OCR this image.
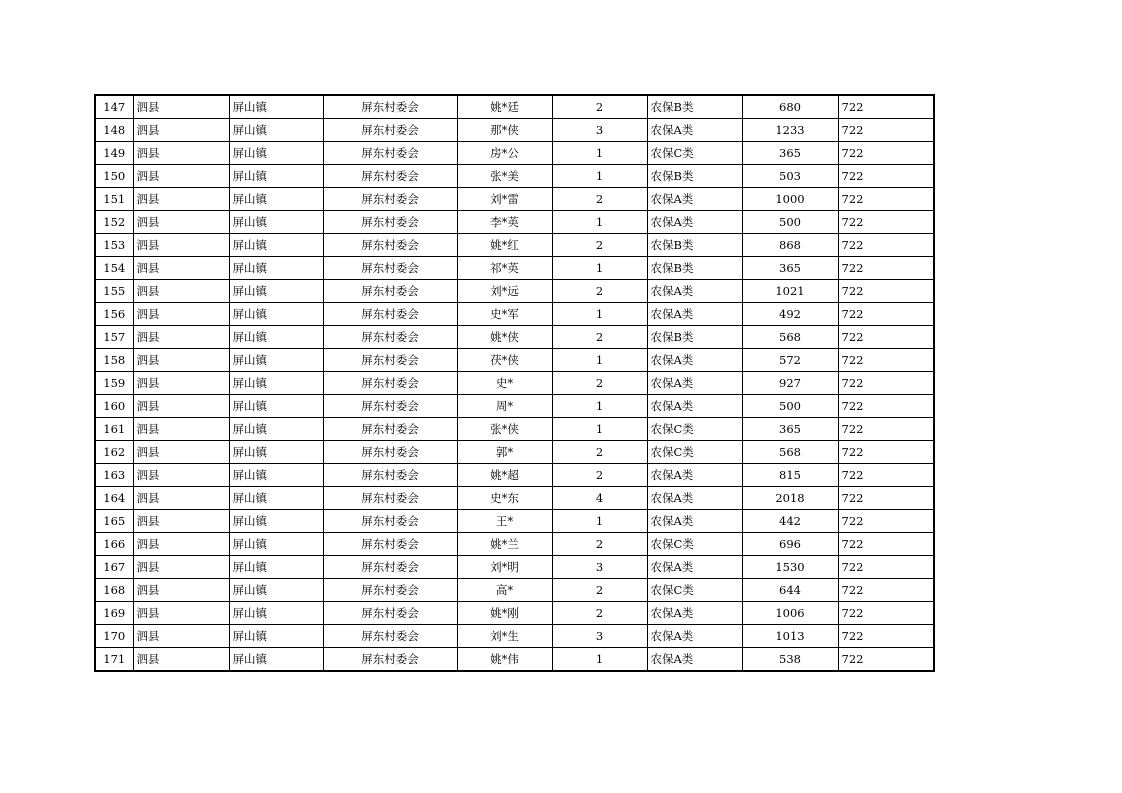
147	泗县	屏山镇	屏东村委会	姚*廷	2	农保B类	680	722
148	泗县	屏山镇	屏东村委会	那*侠	3	农保A类	1233	722
149	泗县	屏山镇	屏东村委会	房*公	1	农保C类	365	722
150	泗县	屏山镇	屏东村委会	张*美	1	农保B类	503	722
151	泗县	屏山镇	屏东村委会	刘*雷	2	农保A类	1000	722
152	泗县	屏山镇	屏东村委会	李*英	1	农保A类	500	722
153	泗县	屏山镇	屏东村委会	姚*红	2	农保B类	868	722
154	泗县	屏山镇	屏东村委会	祁*英	1	农保B类	365	722
155	泗县	屏山镇	屏东村委会	刘*远	2	农保A类	1021	722
156	泗县	屏山镇	屏东村委会	史*军	1	农保A类	492	722
157	泗县	屏山镇	屏东村委会	姚*侠	2	农保B类	568	722
158	泗县	屏山镇	屏东村委会	茯*侠	1	农保A类	572	722
159	泗县	屏山镇	屏东村委会	史*	2	农保A类	927	722
160	泗县	屏山镇	屏东村委会	周*	1	农保A类	500	722
161	泗县	屏山镇	屏东村委会	张*侠	1	农保C类	365	722
162	泗县	屏山镇	屏东村委会	郭*	2	农保C类	568	722
163	泗县	屏山镇	屏东村委会	姚*超	2	农保A类	815	722
164	泗县	屏山镇	屏东村委会	史*东	4	农保A类	2018	722
165	泗县	屏山镇	屏东村委会	王*	1	农保A类	442	722
166	泗县	屏山镇	屏东村委会	姚*兰	2	农保C类	696	722
167	泗县	屏山镇	屏东村委会	刘*明	3	农保A类	1530	722
168	泗县	屏山镇	屏东村委会	高*	2	农保C类	644	722
169	泗县	屏山镇	屏东村委会	姚*刚	2	农保A类	1006	722
170	泗县	屏山镇	屏东村委会	刘*生	3	农保A类	1013	722
171	泗县	屏山镇	屏东村委会	姚*伟	1	农保A类	538	722
